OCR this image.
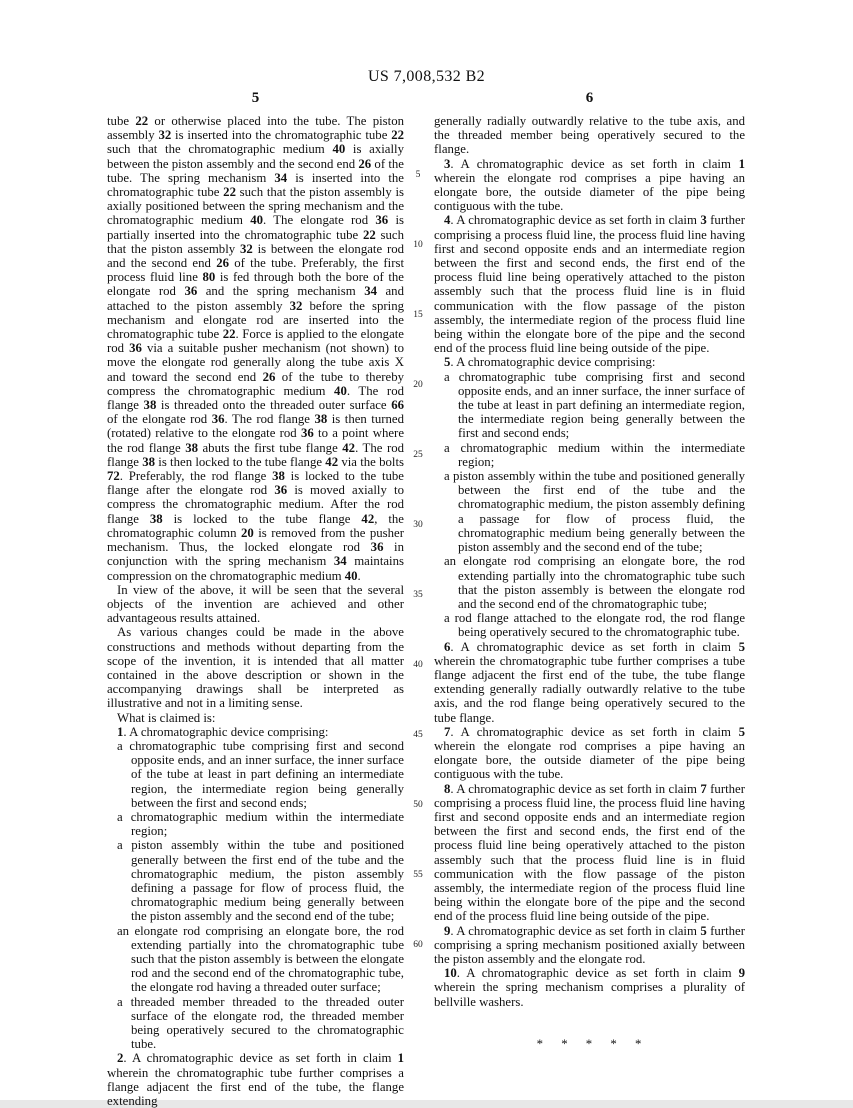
US 7,008,532 B2
5

tube 22 or otherwise placed into the tube. The piston assembly 32 is inserted into the chromatographic tube 22 such that the chromatographic medium 40 is axially between the piston assembly and the second end 26 of the tube. The spring mechanism 34 is inserted into the chromatographic tube 22 such that the piston assembly is axially positioned between the spring mechanism and the chromatographic medium 40. The elongate rod 36 is partially inserted into the chromatographic tube 22 such that the piston assembly 32 is between the elongate rod and the second end 26 of the tube. Preferably, the first process fluid line 80 is fed through both the bore of the elongate rod 36 and the spring mechanism 34 and attached to the piston assembly 32 before the spring mechanism and elongate rod are inserted into the chromatographic tube 22. Force is applied to the elongate rod 36 via a suitable pusher mechanism (not shown) to move the elongate rod generally along the tube axis X and toward the second end 26 of the tube to thereby compress the chromatographic medium 40. The rod flange 38 is threaded onto the threaded outer surface 66 of the elongate rod 36. The rod flange 38 is then turned (rotated) relative to the elongate rod 36 to a point where the rod flange 38 abuts the first tube flange 42. The rod flange 38 is then locked to the tube flange 42 via the bolts 72. Preferably, the rod flange 38 is locked to the tube flange after the elongate rod 36 is moved axially to compress the chromatographic medium. After the rod flange 38 is locked to the tube flange 42, the chromatographic column 20 is removed from the pusher mechanism. Thus, the locked elongate rod 36 in conjunction with the spring mechanism 34 maintains compression on the chromatographic medium 40.

In view of the above, it will be seen that the several objects of the invention are achieved and other advantageous results attained.

As various changes could be made in the above constructions and methods without departing from the scope of the invention, it is intended that all matter contained in the above description or shown in the accompanying drawings shall be interpreted as illustrative and not in a limiting sense.

What is claimed is:

1. A chromatographic device comprising:

a chromatographic tube comprising first and second opposite ends, and an inner surface, the inner surface of the tube at least in part defining an intermediate region, the intermediate region being generally between the first and second ends;

a chromatographic medium within the intermediate region;

a piston assembly within the tube and positioned generally between the first end of the tube and the chromatographic medium, the piston assembly defining a passage for flow of process fluid, the chromatographic medium being generally between the piston assembly and the second end of the tube;

an elongate rod comprising an elongate bore, the rod extending partially into the chromatographic tube such that the piston assembly is between the elongate rod and the second end of the chromatographic tube, the elongate rod having a threaded outer surface;

a threaded member threaded to the threaded outer surface of the elongate rod, the threaded member being operatively secured to the chromatographic tube.

2. A chromatographic device as set forth in claim 1 wherein the chromatographic tube further comprises a flange adjacent the first end of the tube, the flange extending

6

generally radially outwardly relative to the tube axis, and the threaded member being operatively secured to the flange.

3. A chromatographic device as set forth in claim 1 wherein the elongate rod comprises a pipe having an elongate bore, the outside diameter of the pipe being contiguous with the tube.

4. A chromatographic device as set forth in claim 3 further comprising a process fluid line, the process fluid line having first and second opposite ends and an intermediate region between the first and second ends, the first end of the process fluid line being operatively attached to the piston assembly such that the process fluid line is in fluid communication with the flow passage of the piston assembly, the intermediate region of the process fluid line being within the elongate bore of the pipe and the second end of the process fluid line being outside of the pipe.

5. A chromatographic device comprising:

a chromatographic tube comprising first and second opposite ends, and an inner surface, the inner surface of the tube at least in part defining an intermediate region, the intermediate region being generally between the first and second ends;

a chromatographic medium within the intermediate region;

a piston assembly within the tube and positioned generally between the first end of the tube and the chromatographic medium, the piston assembly defining a passage for flow of process fluid, the chromatographic medium being generally between the piston assembly and the second end of the tube;

an elongate rod comprising an elongate bore, the rod extending partially into the chromatographic tube such that the piston assembly is between the elongate rod and the second end of the chromatographic tube;

a rod flange attached to the elongate rod, the rod flange being operatively secured to the chromatographic tube.

6. A chromatographic device as set forth in claim 5 wherein the chromatographic tube further comprises a tube flange adjacent the first end of the tube, the tube flange extending generally radially outwardly relative to the tube axis, and the rod flange being operatively secured to the tube flange.

7. A chromatographic device as set forth in claim 5 wherein the elongate rod comprises a pipe having an elongate bore, the outside diameter of the pipe being contiguous with the tube.

8. A chromatographic device as set forth in claim 7 further comprising a process fluid line, the process fluid line having first and second opposite ends and an intermediate region between the first and second ends, the first end of the process fluid line being operatively attached to the piston assembly such that the process fluid line is in fluid communication with the flow passage of the piston assembly, the intermediate region of the process fluid line being within the elongate bore of the pipe and the second end of the process fluid line being outside of the pipe.

9. A chromatographic device as set forth in claim 5 further comprising a spring mechanism positioned axially between the piston assembly and the elongate rod.

10. A chromatographic device as set forth in claim 9 wherein the spring mechanism comprises a plurality of bellville washers.

* * * * *

5
10
15
20
25
30
35
40
45
50
55
60
